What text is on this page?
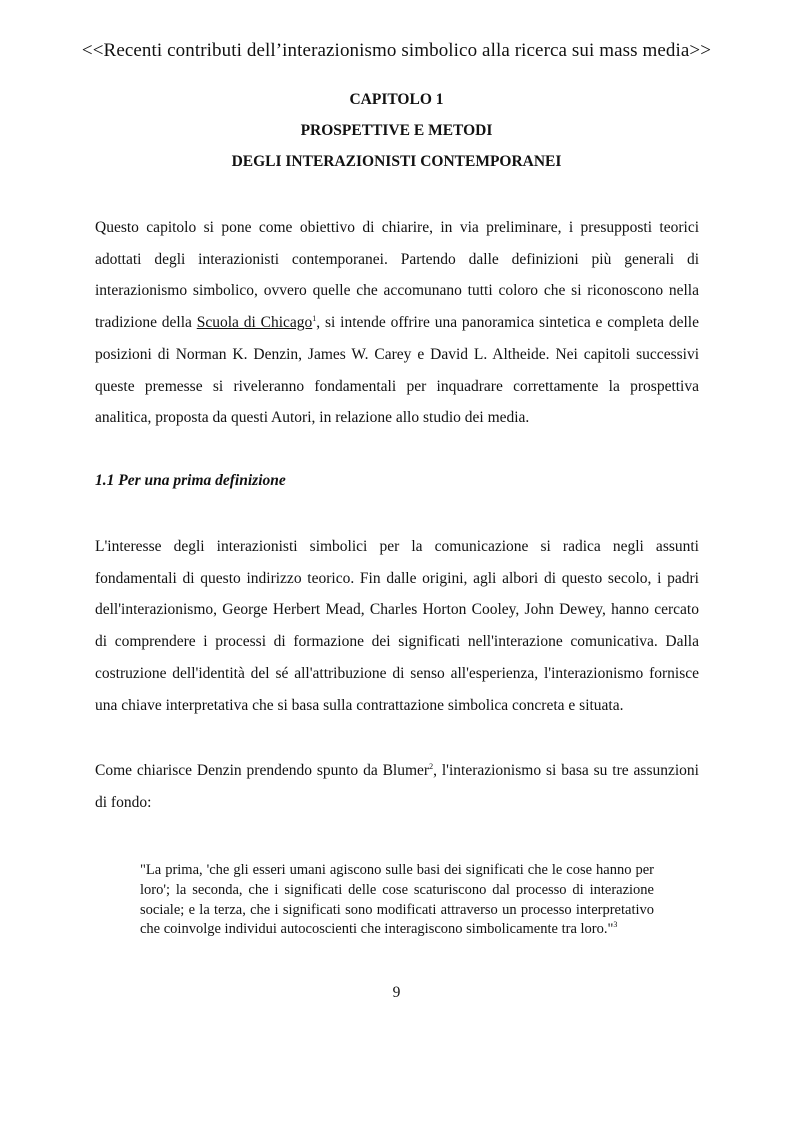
<<Recenti contributi dell’interazionismo simbolico alla ricerca sui mass media>>
CAPITOLO 1
PROSPETTIVE E METODI
DEGLI INTERAZIONISTI CONTEMPORANEI

Questo capitolo si pone come obiettivo di chiarire, in via preliminare, i presupposti teorici adottati degli interazionisti contemporanei. Partendo dalle definizioni più generali di interazionismo simbolico, ovvero quelle che accomunano tutti coloro che si riconoscono nella tradizione della Scuola di Chicago$^1$, si intende offrire una panoramica sintetica e completa delle posizioni di Norman K. Denzin, James W. Carey e David L. Altheide. Nei capitoli successivi queste premesse si riveleranno fondamentali per inquadrare correttamente la prospettiva analitica, proposta da questi Autori, in relazione allo studio dei media.

1.1 Per una prima definizione

L'interesse degli interazionisti simbolici per la comunicazione si radica negli assunti fondamentali di questo indirizzo teorico. Fin dalle origini, agli albori di questo secolo, i padri dell'interazionismo, George Herbert Mead, Charles Horton Cooley, John Dewey, hanno cercato di comprendere i processi di formazione dei significati nell'interazione comunicativa. Dalla costruzione dell'identità del sé all'attribuzione di senso all'esperienza, l'interazionismo fornisce una chiave interpretativa che si basa sulla contrattazione simbolica concreta e situata.

Come chiarisce Denzin prendendo spunto da Blumer$^2$, l'interazionismo si basa su tre assunzioni di fondo:

"La prima, 'che gli esseri umani agiscono sulle basi dei significati che le cose hanno per loro'; la seconda, che i significati delle cose scaturiscono dal processo di interazione sociale; e la terza, che i significati sono modificati attraverso un processo interpretativo che coinvolge individui autocoscienti che interagiscono simbolicamente tra loro."$^3$

9
